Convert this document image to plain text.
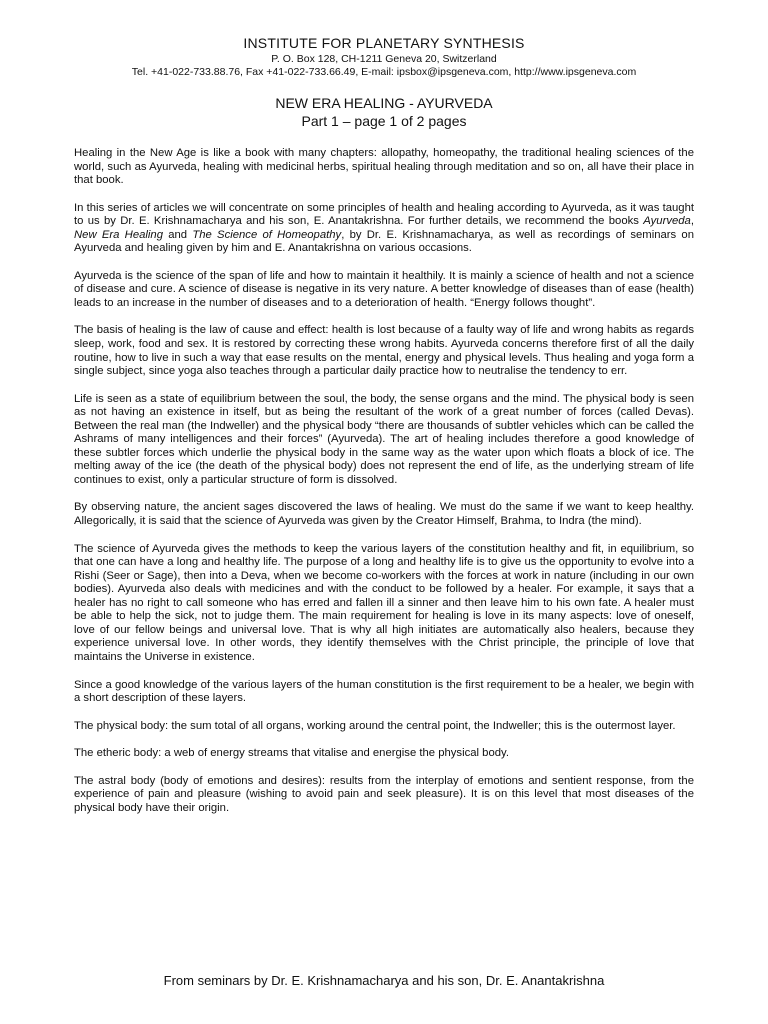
INSTITUTE FOR PLANETARY SYNTHESIS
P. O. Box 128, CH-1211 Geneva 20, Switzerland
Tel. +41-022-733.88.76, Fax +41-022-733.66.49, E-mail: ipsbox@ipsgeneva.com, http://www.ipsgeneva.com
NEW ERA HEALING - AYURVEDA
Part 1 – page 1 of 2 pages

Healing in the New Age is like a book with many chapters: allopathy, homeopathy, the traditional healing sciences of the world, such as Ayurveda, healing with medicinal herbs, spiritual healing through meditation and so on, all have their place in that book.

In this series of articles we will concentrate on some principles of health and healing according to Ayurveda, as it was taught to us by Dr. E. Krishnamacharya and his son, E. Anantakrishna. For further details, we recommend the books Ayurveda, New Era Healing and The Science of Homeopathy, by Dr. E. Krishnamacharya, as well as recordings of seminars on Ayurveda and healing given by him and E. Anantakrishna on various occasions.

Ayurveda is the science of the span of life and how to maintain it healthily. It is mainly a science of health and not a science of disease and cure. A science of disease is negative in its very nature. A better knowledge of diseases than of ease (health) leads to an increase in the number of diseases and to a deterioration of health. “Energy follows thought”.

The basis of healing is the law of cause and effect: health is lost because of a faulty way of life and wrong habits as regards sleep, work, food and sex. It is restored by correcting these wrong habits. Ayurveda concerns therefore first of all the daily routine, how to live in such a way that ease results on the mental, energy and physical levels. Thus healing and yoga form a single subject, since yoga also teaches through a particular daily practice how to neutralise the tendency to err.

Life is seen as a state of equilibrium between the soul, the body, the sense organs and the mind. The physical body is seen as not having an existence in itself, but as being the resultant of the work of a great number of forces (called Devas). Between the real man (the Indweller) and the physical body “there are thousands of subtler vehicles which can be called the Ashrams of many intelligences and their forces” (Ayurveda). The art of healing includes therefore a good knowledge of these subtler forces which underlie the physical body in the same way as the water upon which floats a block of ice. The melting away of the ice (the death of the physical body) does not represent the end of life, as the underlying stream of life continues to exist, only a particular structure of form is dissolved.

By observing nature, the ancient sages discovered the laws of healing. We must do the same if we want to keep healthy. Allegorically, it is said that the science of Ayurveda was given by the Creator Himself, Brahma, to Indra (the mind).

The science of Ayurveda gives the methods to keep the various layers of the constitution healthy and fit, in equilibrium, so that one can have a long and healthy life. The purpose of a long and healthy life is to give us the opportunity to evolve into a Rishi (Seer or Sage), then into a Deva, when we become co-workers with the forces at work in nature (including in our own bodies). Ayurveda also deals with medicines and with the conduct to be followed by a healer. For example, it says that a healer has no right to call someone who has erred and fallen ill a sinner and then leave him to his own fate. A healer must be able to help the sick, not to judge them. The main requirement for healing is love in its many aspects: love of oneself, love of our fellow beings and universal love. That is why all high initiates are automatically also healers, because they experience universal love. In other words, they identify themselves with the Christ principle, the principle of love that maintains the Universe in existence.

Since a good knowledge of the various layers of the human constitution is the first requirement to be a healer, we begin with a short description of these layers.

The physical body: the sum total of all organs, working around the central point, the Indweller; this is the outermost layer.

The etheric body: a web of energy streams that vitalise and energise the physical body.

The astral body (body of emotions and desires): results from the interplay of emotions and sentient response, from the experience of pain and pleasure (wishing to avoid pain and seek pleasure). It is on this level that most diseases of the physical body have their origin.

From seminars by Dr. E. Krishnamacharya and his son, Dr. E. Anantakrishna
